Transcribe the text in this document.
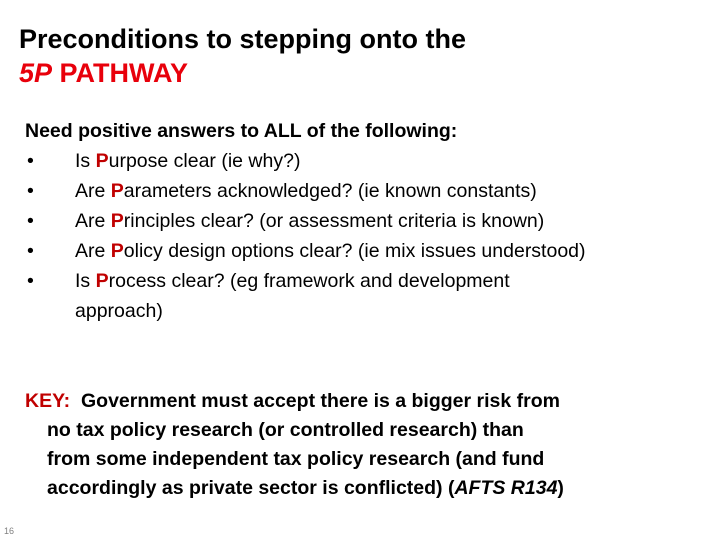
Preconditions to stepping onto the
5P PATHWAY
Need positive answers to ALL of the following:
• Is Purpose clear (ie why?)
• Are Parameters acknowledged? (ie known constants)
• Are Principles clear? (or assessment criteria is known)
• Are Policy design options clear? (ie mix issues understood)
• Is Process clear? (eg framework and development
approach)
KEY:  Government must accept there is a bigger risk from
no tax policy research (or controlled research) than
from some independent tax policy research (and fund
accordingly as private sector is conflicted) (AFTS R134)
16
